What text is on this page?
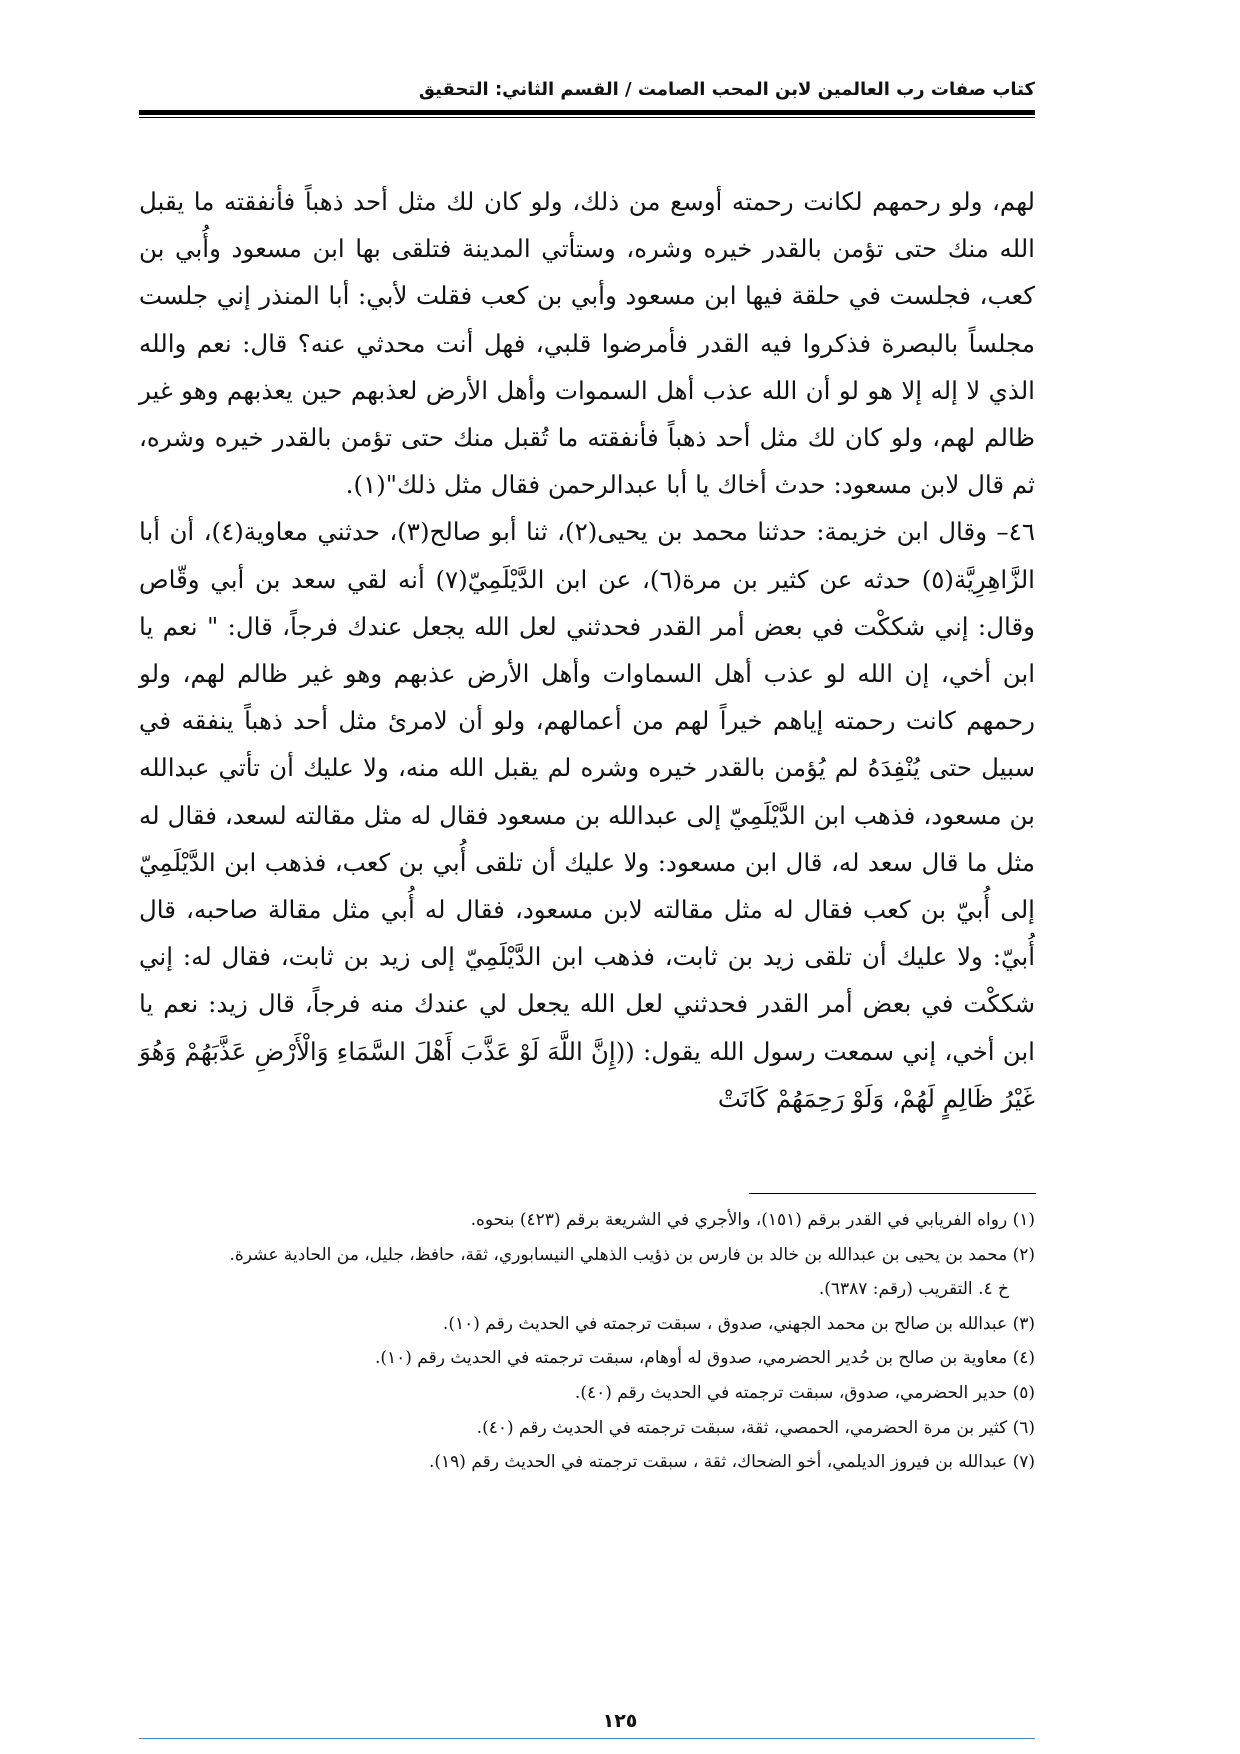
كتاب صفات رب العالمين لابن المحب الصامت / القسم الثاني: التحقيق

لهم، ولو رحمهم لكانت رحمته أوسع من ذلك، ولو كان لك مثل أحد ذهباً فأنفقته ما يقبل الله منك حتى تؤمن بالقدر خيره وشره، وستأتي المدينة فتلقى بها ابن مسعود وأُبي بن كعب، فجلست في حلقة فيها ابن مسعود وأبي بن كعب فقلت لأبي: أبا المنذر إني جلست مجلساً بالبصرة فذكروا فيه القدر فأمرضوا قلبي، فهل أنت محدثي عنه؟ قال: نعم والله الذي لا إله إلا هو لو أن الله عذب أهل السموات وأهل الأرض لعذبهم حين يعذبهم وهو غير ظالم لهم، ولو كان لك مثل أحد ذهباً فأنفقته ما تُقبل منك حتى تؤمن بالقدر خيره وشره، ثم قال لابن مسعود: حدث أخاك يا أبا عبدالرحمن فقال مثل ذلك"(١).

٤٦– وقال ابن خزيمة: حدثنا محمد بن يحيى(٢)، ثنا أبو صالح(٣)، حدثني معاوية(٤)، أن أبا الزَّاهِرِيَّة(٥) حدثه عن كثير بن مرة(٦)، عن ابن الدَّيْلَمِيّ(٧) أنه لقي سعد بن أبي وقّاص وقال: إني شككْت في بعض أمر القدر فحدثني لعل الله يجعل عندك فرجاً، قال: " نعم يا ابن أخي، إن الله لو عذب أهل السماوات وأهل الأرض عذبهم وهو غير ظالم لهم، ولو رحمهم كانت رحمته إياهم خيراً لهم من أعمالهم، ولو أن لامرئ مثل أحد ذهباً ينفقه في سبيل حتى يُنْفِدَهُ لم يُؤمن بالقدر خيره وشره لم يقبل الله منه، ولا عليك أن تأتي عبدالله بن مسعود، فذهب ابن الدَّيْلَمِيّ إلى عبدالله بن مسعود فقال له مثل مقالته لسعد، فقال له مثل ما قال سعد له، قال ابن مسعود: ولا عليك أن تلقى أُبي بن كعب، فذهب ابن الدَّيْلَمِيّ إلى أُبيّ بن كعب فقال له مثل مقالته لابن مسعود، فقال له أُبي مثل مقالة صاحبه، قال أُبيّ: ولا عليك أن تلقى زيد بن ثابت، فذهب ابن الدَّيْلَمِيّ إلى زيد بن ثابت، فقال له: إني شككْت في بعض أمر القدر فحدثني لعل الله يجعل لي عندك منه فرجاً، قال زيد: نعم يا ابن أخي، إني سمعت رسول الله يقول: ((إِنَّ اللَّهَ لَوْ عَذَّبَ أَهْلَ السَّمَاءِ وَالْأَرْضِ عَذَّبَهُمْ وَهُوَ غَيْرُ ظَالِمٍ لَهُمْ، وَلَوْ رَحِمَهُمْ كَانَتْ

(١) رواه الفريابي في القدر برقم (١٥١)، والأجري في الشريعة برقم (٤٢٣) بنحوه.

(٢) محمد بن يحيى بن عبدالله بن خالد بن فارس بن ذؤيب الذهلي النيسابوري، ثقة، حافظ، جليل، من الحادية عشرة.

خ ٤. التقريب (رقم: ٦٣٨٧).

(٣) عبدالله بن صالح بن محمد الجهني، صدوق ، سبقت ترجمته في الحديث رقم (١٠).

(٤) معاوية بن صالح بن حُدير الحضرمي، صدوق له أوهام، سبقت ترجمته في الحديث رقم (١٠).

(٥) حدير الحضرمي، صدوق، سبقت ترجمته في الحديث رقم (٤٠).

(٦) كثير بن مرة الحضرمي، الحمصي، ثقة، سبقت ترجمته في الحديث رقم (٤٠).

(٧) عبدالله بن فيروز الديلمي، أخو الضحاك، ثقة ، سبقت ترجمته في الحديث رقم (١٩).

١٢٥
